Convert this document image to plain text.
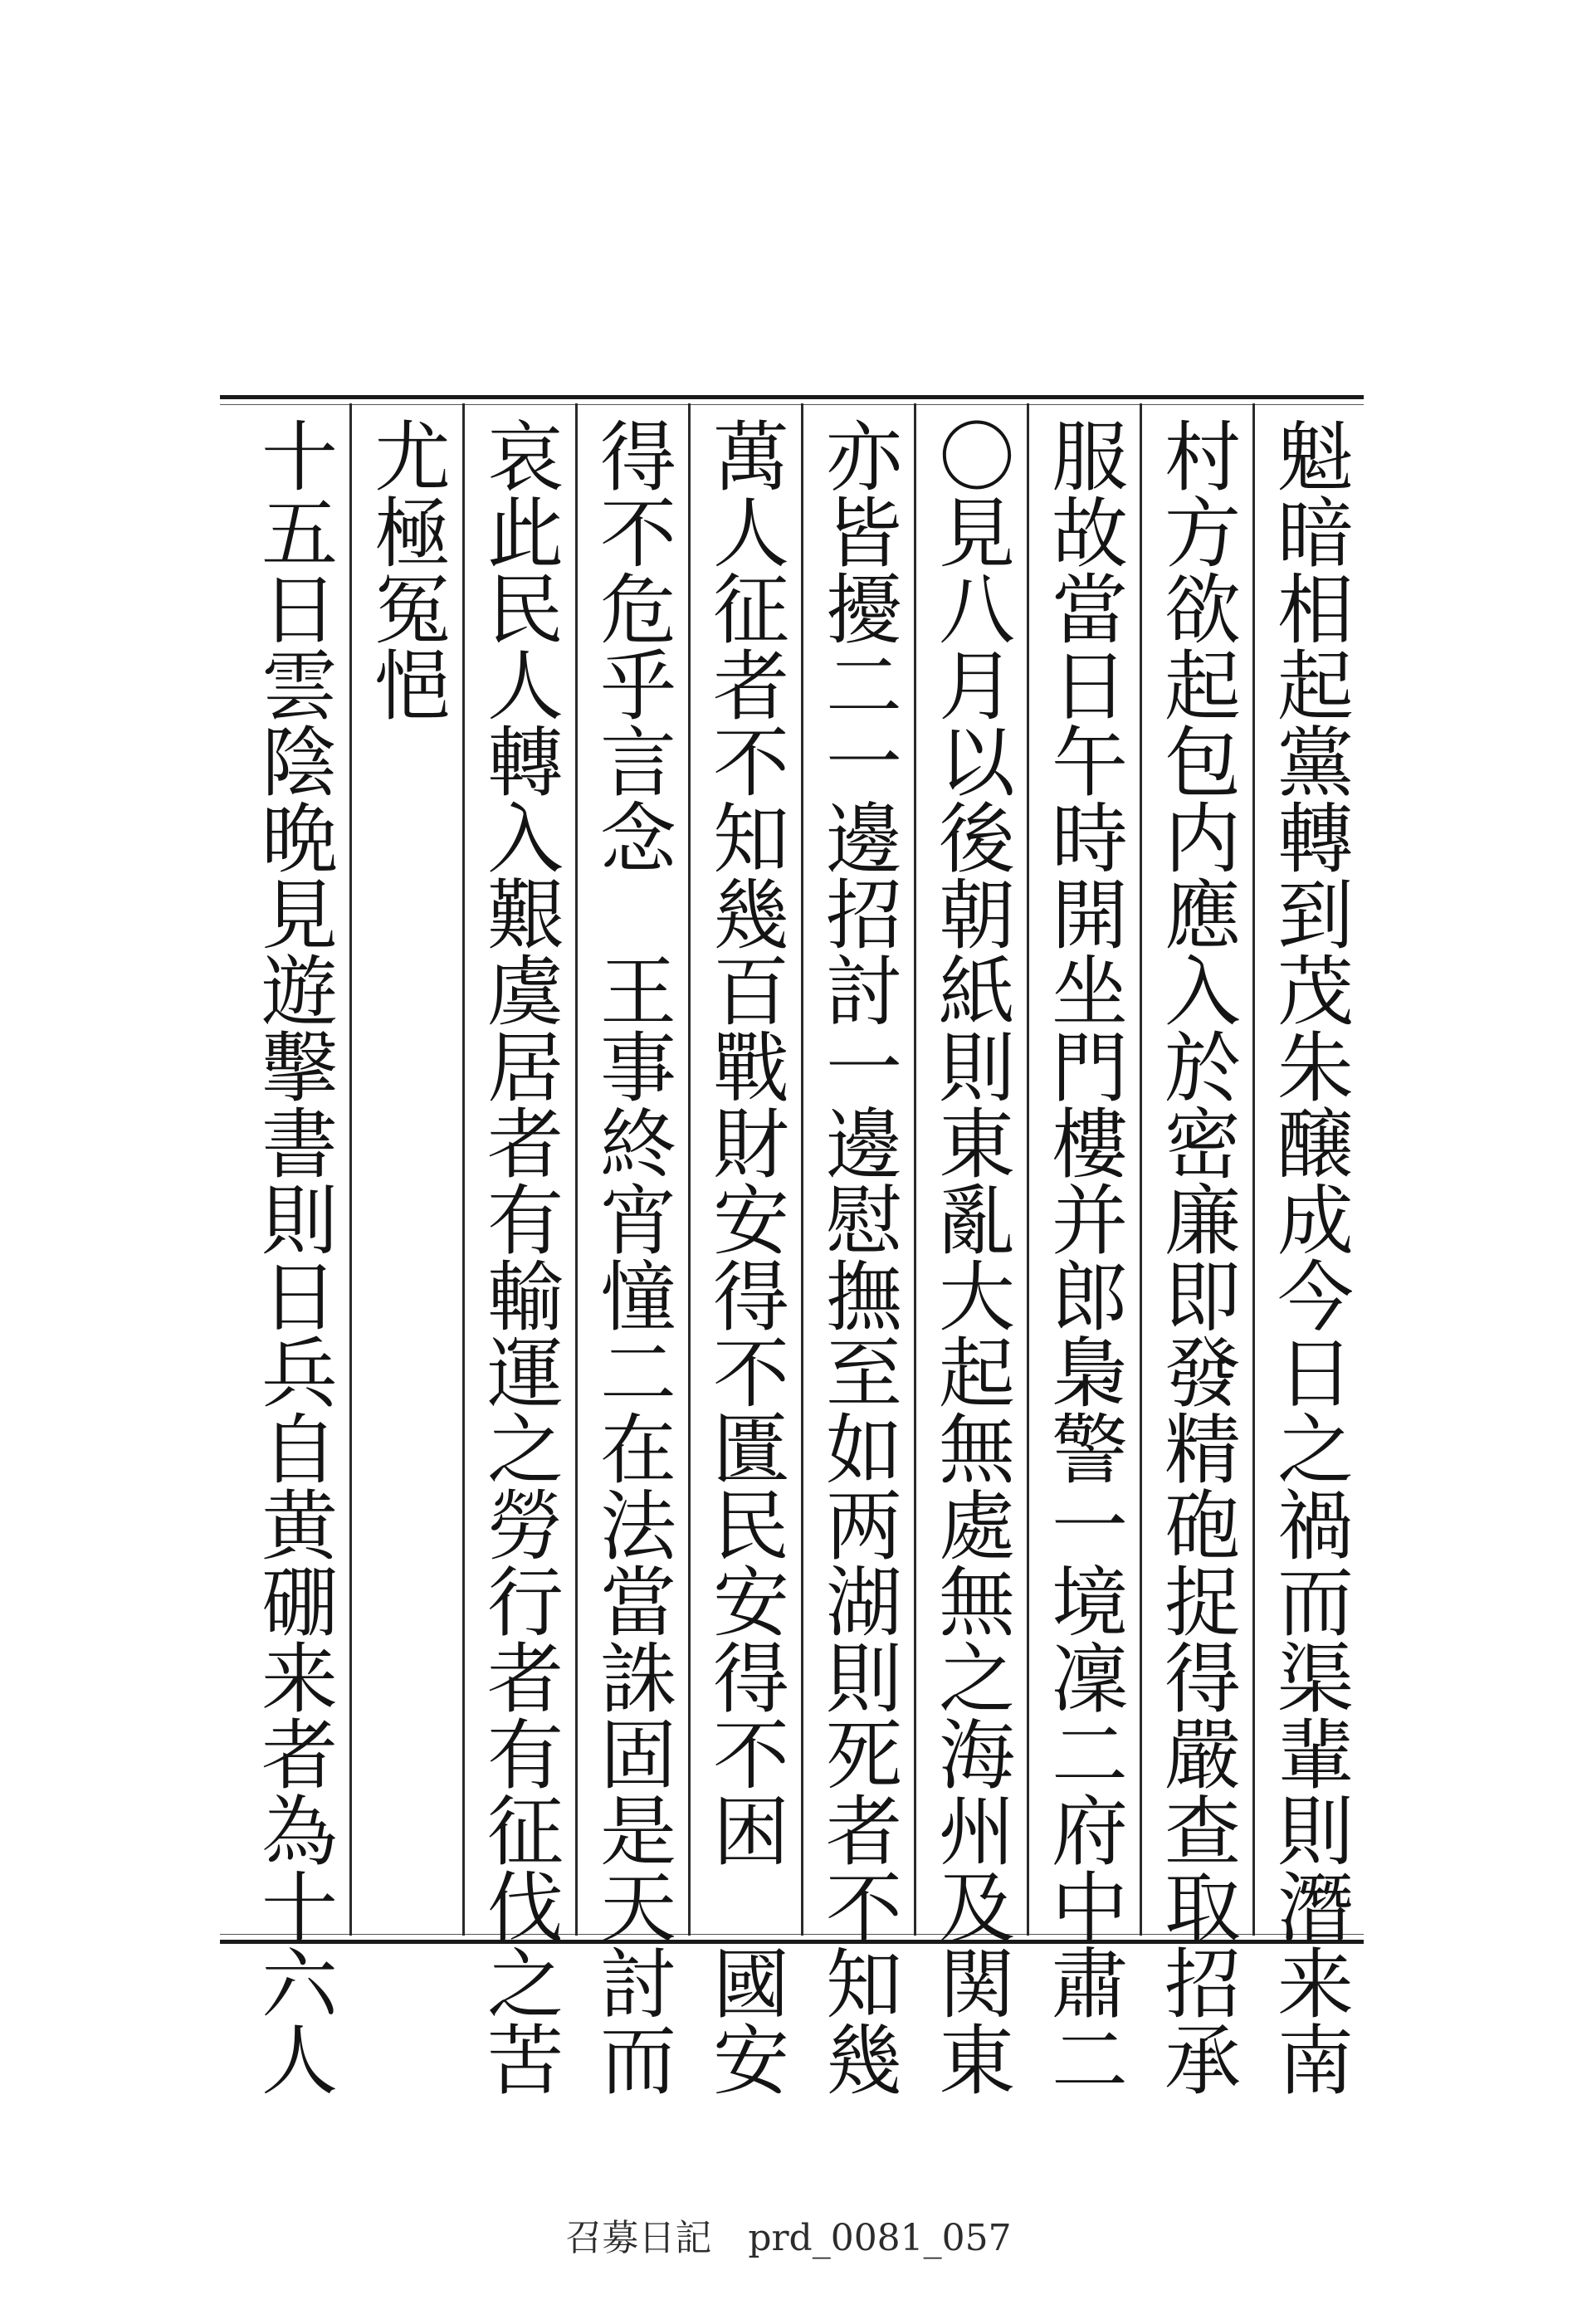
魁暗相起黨轉到茂朱醸成今日之禍而渠輩則潛来南
村方欲起包内應入於密廉即發精砲捉得嚴查取招承
服故當日午時開坐門樓并郎梟警一境凜⼆府中肅⼆
〇見八月以後朝紙則東亂大起無處無之海州及関東
亦皆擾⼆一邊招討一邊慰撫至如两湖則死者不知幾
萬人征者不知幾百戰財安得不匱民安得不困　國安
得不危乎言念　王事終宵憧⼆在法當誅固是天討而
哀此民人轉入艱虞居者有輸運之勞行者有征伐之苦
尤極冤悒
十五日雲陰晩見遊擊書則日兵自黄硼来者為十六人
召募日記 prd_0081_057
